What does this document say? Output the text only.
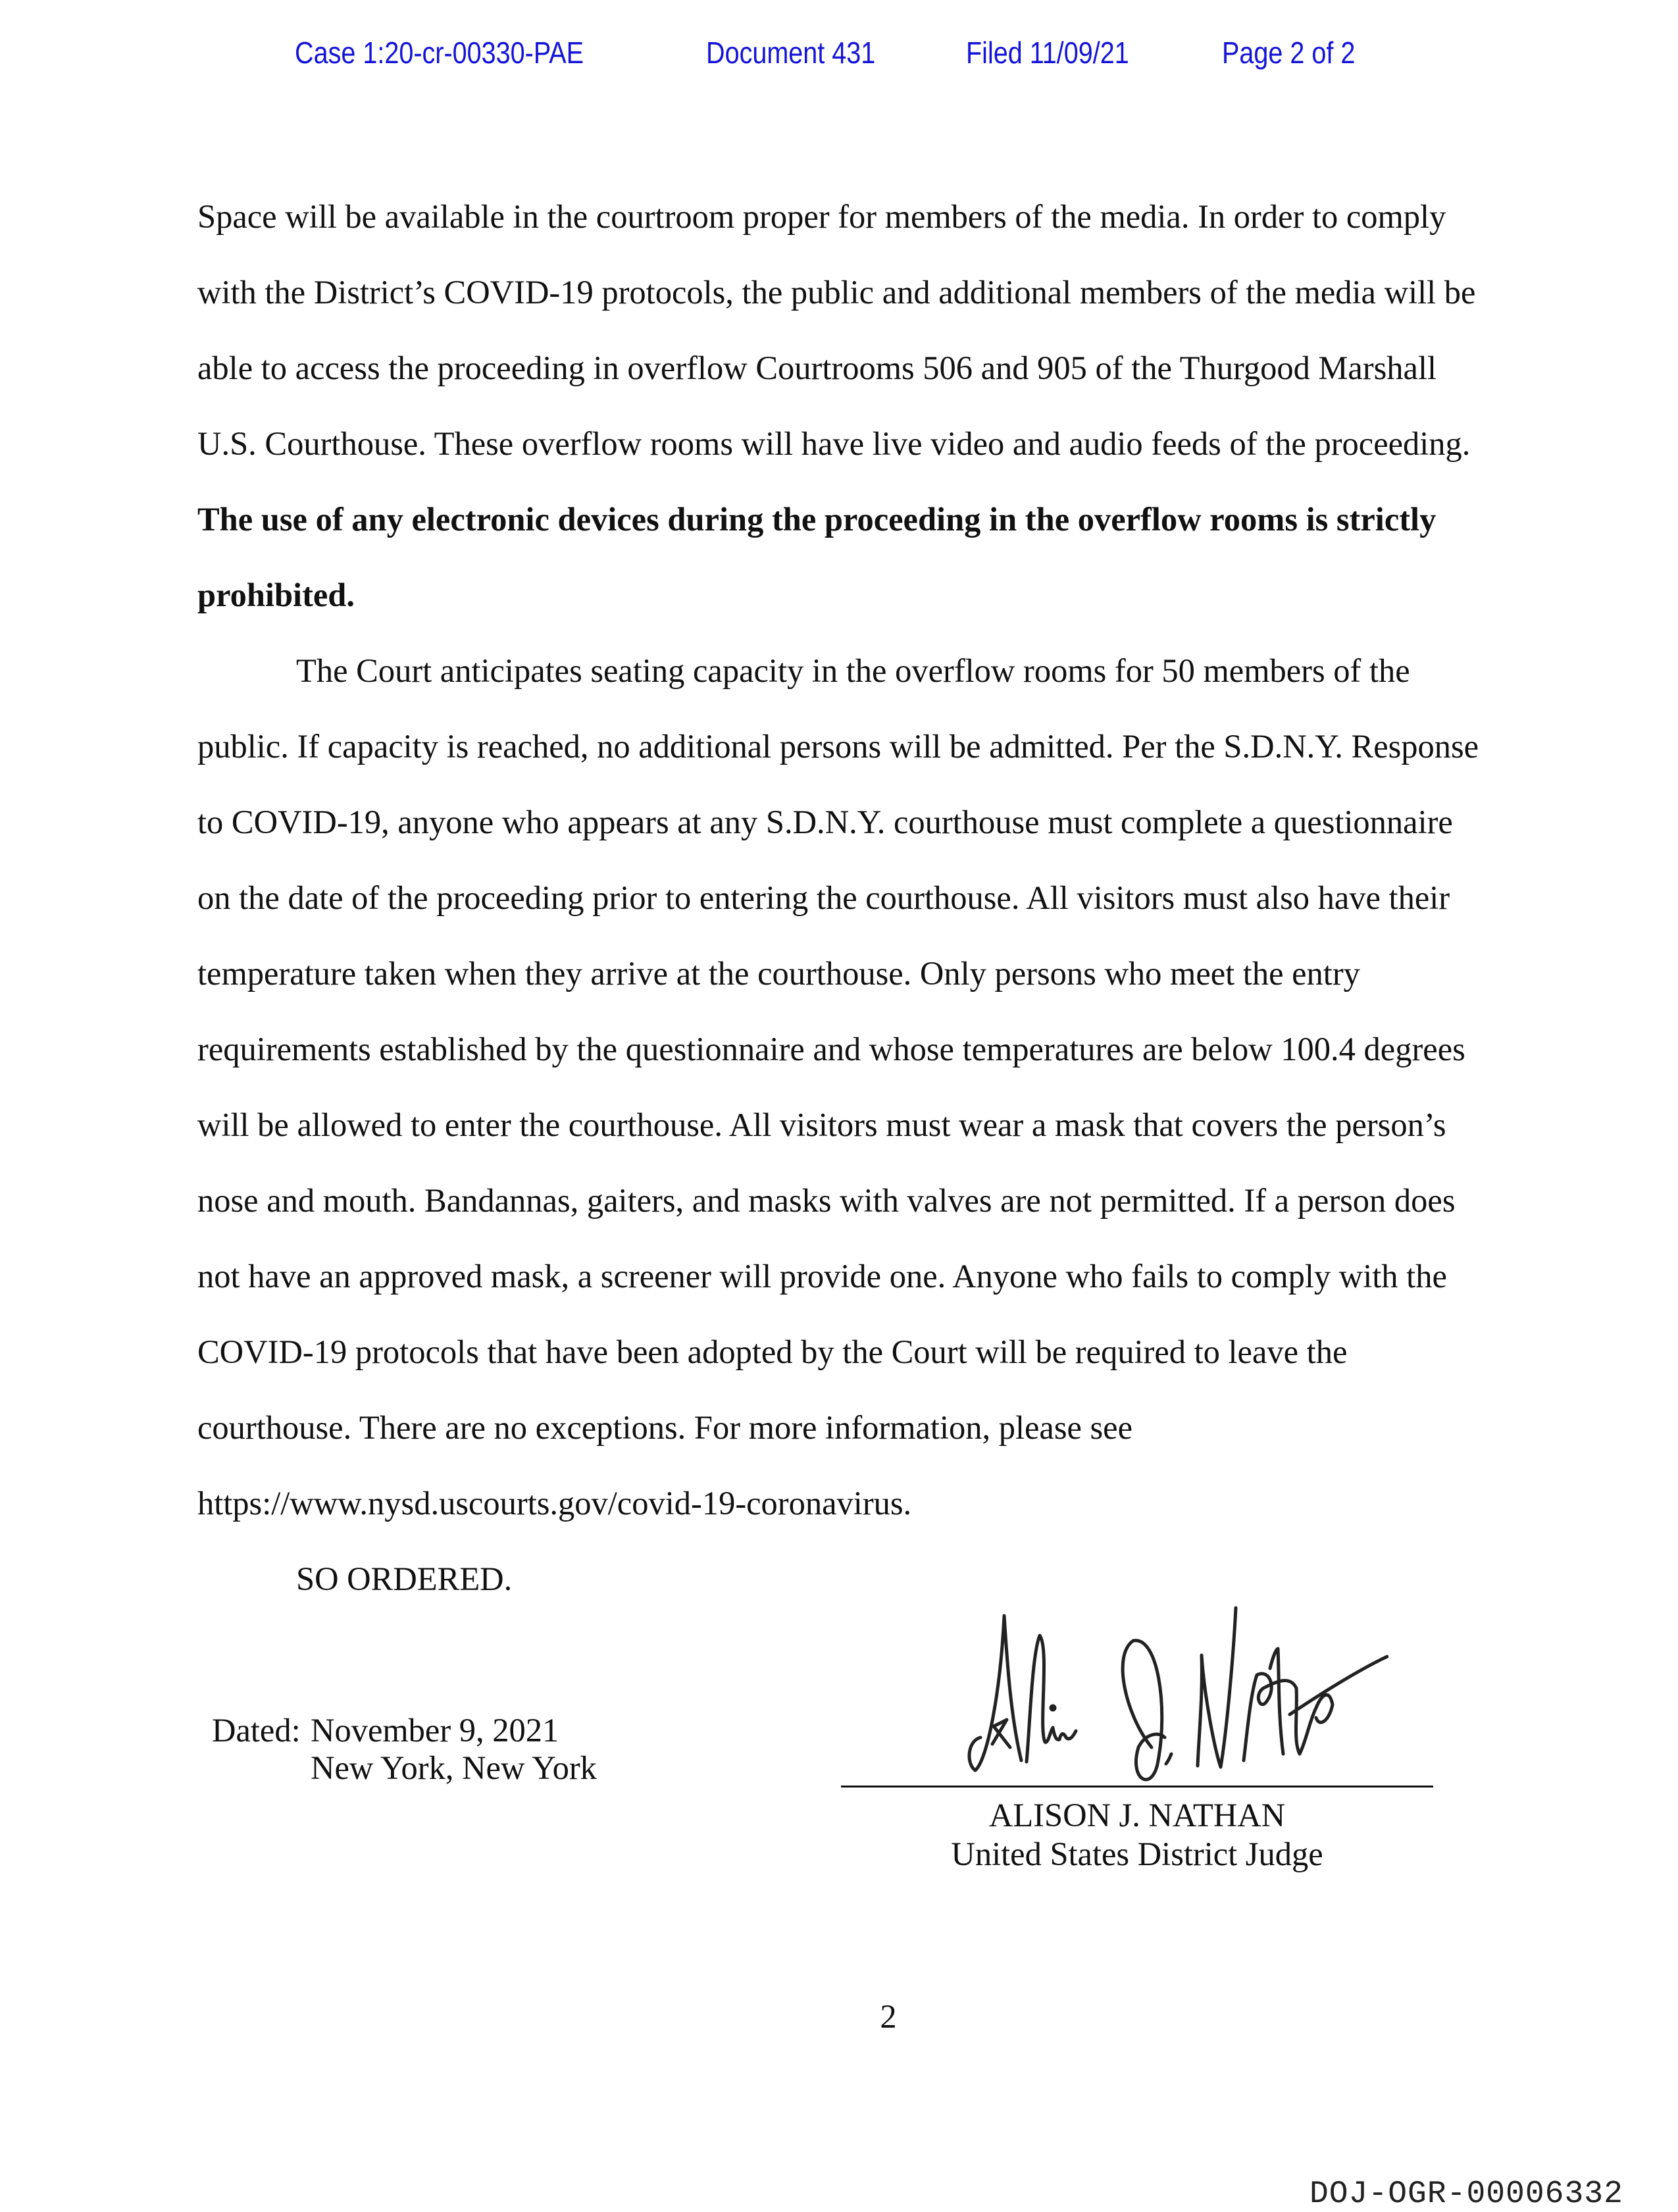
Case 1:20-cr-00330-PAE	Document 431	Filed 11/09/21	Page 2 of 2
Space will be available in the courtroom proper for members of the media. In order to comply
with the District’s COVID-19 protocols, the public and additional members of the media will be
able to access the proceeding in overflow Courtrooms 506 and 905 of the Thurgood Marshall
U.S. Courthouse. These overflow rooms will have live video and audio feeds of the proceeding.
The use of any electronic devices during the proceeding in the overflow rooms is strictly
prohibited.
The Court anticipates seating capacity in the overflow rooms for 50 members of the
public. If capacity is reached, no additional persons will be admitted. Per the S.D.N.Y. Response
to COVID-19, anyone who appears at any S.D.N.Y. courthouse must complete a questionnaire
on the date of the proceeding prior to entering the courthouse. All visitors must also have their
temperature taken when they arrive at the courthouse. Only persons who meet the entry
requirements established by the questionnaire and whose temperatures are below 100.4 degrees
will be allowed to enter the courthouse. All visitors must wear a mask that covers the person’s
nose and mouth. Bandannas, gaiters, and masks with valves are not permitted. If a person does
not have an approved mask, a screener will provide one. Anyone who fails to comply with the
COVID-19 protocols that have been adopted by the Court will be required to leave the
courthouse. There are no exceptions. For more information, please see
https://www.nysd.uscourts.gov/covid-19-coronavirus.
SO ORDERED.
Dated: November 9, 2021
New York, New York
ALISON J. NATHAN
United States District Judge
2
DOJ-OGR-00006332
